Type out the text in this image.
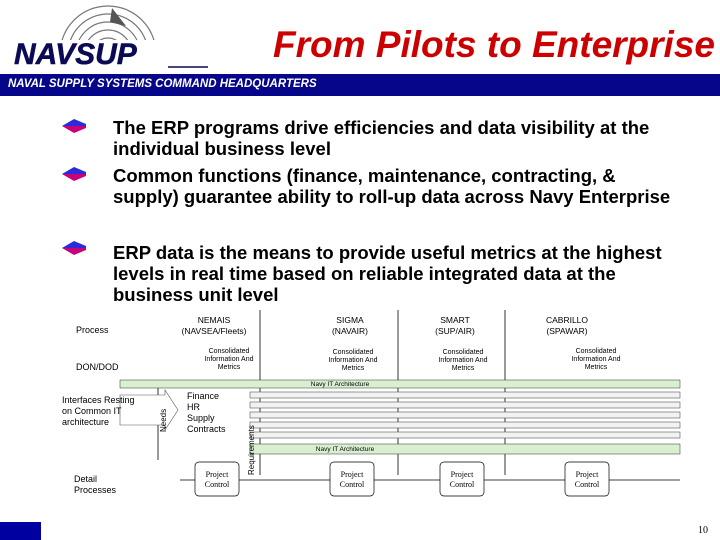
NAVSUP	From Pilots to Enterprise
NAVAL SUPPLY SYSTEMS COMMAND HEADQUARTERS
The ERP programs drive efficiencies and data visibility at the individual business level
Common functions (finance, maintenance, contracting, & supply) guarantee ability to roll-up data across Navy Enterprise
ERP data is the means to provide useful metrics at the highest levels in real time based on reliable integrated data at the business unit level
Process
DON/DOD
Interfaces Resting on Common IT architecture
Detail Processes
NEMAIS
(NAVSEA/Fleets)
SIGMA
(NAVAIR)
SMART
(SUP/AIR)
CABRILLO
(SPAWAR)
Consolidated Information And Metrics
Consolidated Information And Metrics
Consolidated Information And Metrics
Consolidated Information And Metrics
Navy IT Architecture
Navy IT Architecture
Finance
HR
Supply
Contracts
Needs
Requirements
Project Control
Project Control
Project Control
Project Control
10
